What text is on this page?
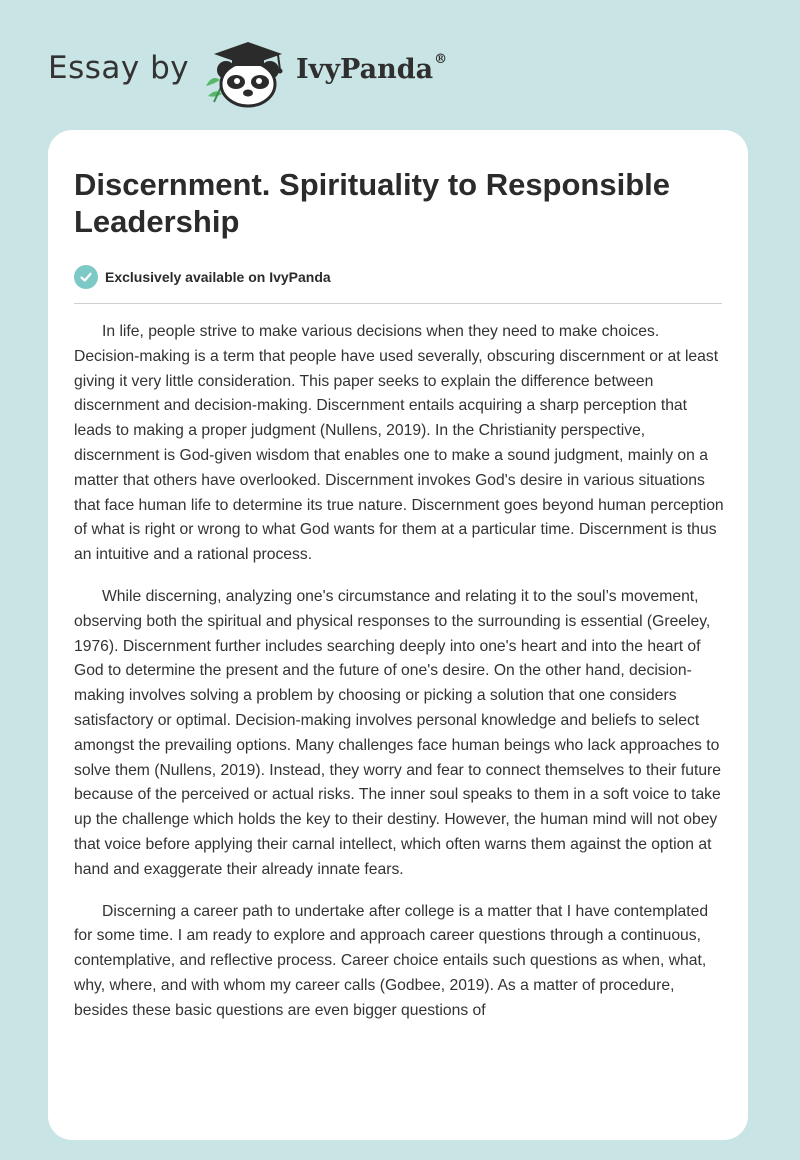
Essay by	IvyPanda®
Discernment. Spirituality to Responsible Leadership
Exclusively available on IvyPanda

In life, people strive to make various decisions when they need to make choices. Decision-making is a term that people have used severally, obscuring discernment or at least giving it very little consideration. This paper seeks to explain the difference between discernment and decision-making. Discernment entails acquiring a sharp perception that leads to making a proper judgment (Nullens, 2019). In the Christianity perspective, discernment is God-given wisdom that enables one to make a sound judgment, mainly on a matter that others have overlooked. Discernment invokes God's desire in various situations that face human life to determine its true nature. Discernment goes beyond human perception of what is right or wrong to what God wants for them at a particular time. Discernment is thus an intuitive and a rational process.

While discerning, analyzing one's circumstance and relating it to the soul’s movement, observing both the spiritual and physical responses to the surrounding is essential (Greeley, 1976). Discernment further includes searching deeply into one's heart and into the heart of God to determine the present and the future of one's desire. On the other hand, decision-making involves solving a problem by choosing or picking a solution that one considers satisfactory or optimal. Decision-making involves personal knowledge and beliefs to select amongst the prevailing options. Many challenges face human beings who lack approaches to solve them (Nullens, 2019). Instead, they worry and fear to connect themselves to their future because of the perceived or actual risks. The inner soul speaks to them in a soft voice to take up the challenge which holds the key to their destiny. However, the human mind will not obey that voice before applying their carnal intellect, which often warns them against the option at hand and exaggerate their already innate fears.

Discerning a career path to undertake after college is a matter that I have contemplated for some time. I am ready to explore and approach career questions through a continuous, contemplative, and reflective process. Career choice entails such questions as when, what, why, where, and with whom my career calls (Godbee, 2019). As a matter of procedure, besides these basic questions are even bigger questions of
